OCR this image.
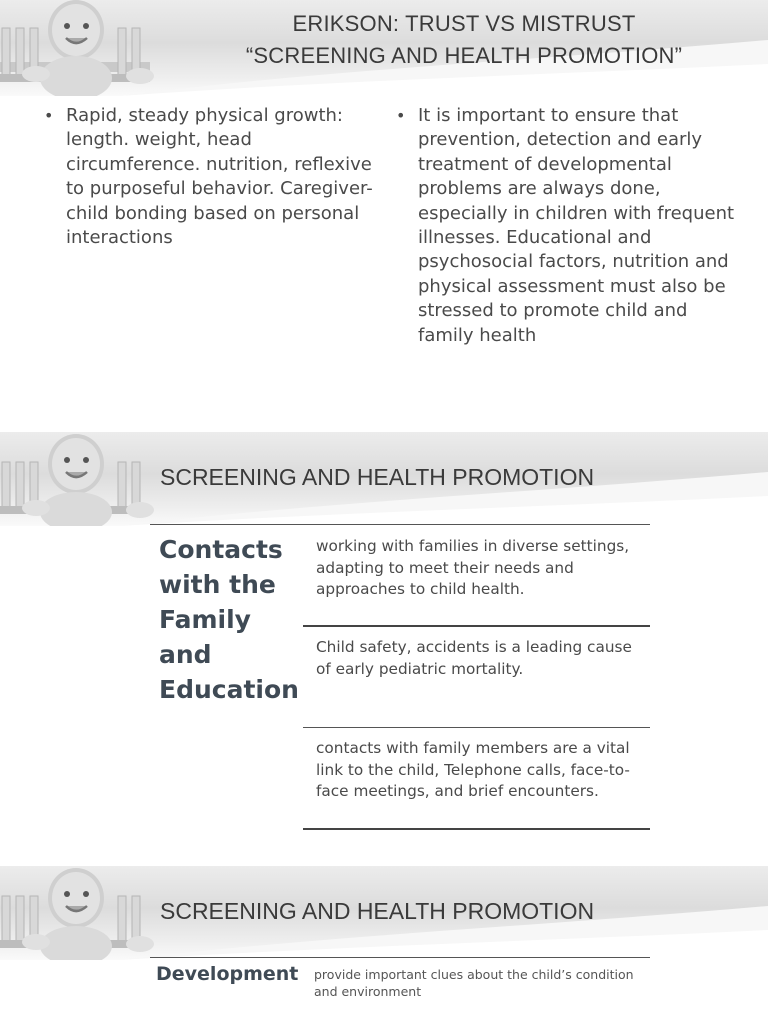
ERIKSON: TRUST VS MISTRUST
“SCREENING AND HEALTH PROMOTION”
• Rapid, steady physical growth: length. weight, head circumference. nutrition, reflexive to purposeful behavior. Caregiver-child bonding based on personal interactions
• It is important to ensure that prevention, detection and early treatment of developmental problems are always done, especially in children with frequent illnesses. Educational and psychosocial factors, nutrition and physical assessment must also be stressed to promote child and family health
SCREENING AND HEALTH PROMOTION
Contacts with the Family and Education
working with families in diverse settings, adapting to meet their needs and approaches to child health.
Child safety, accidents is a leading cause of early pediatric mortality.
contacts with family members are a vital link to the child, Telephone calls, face-to-face meetings, and brief encounters.
SCREENING AND HEALTH PROMOTION
Development provide important clues about the child’s condition and environment
